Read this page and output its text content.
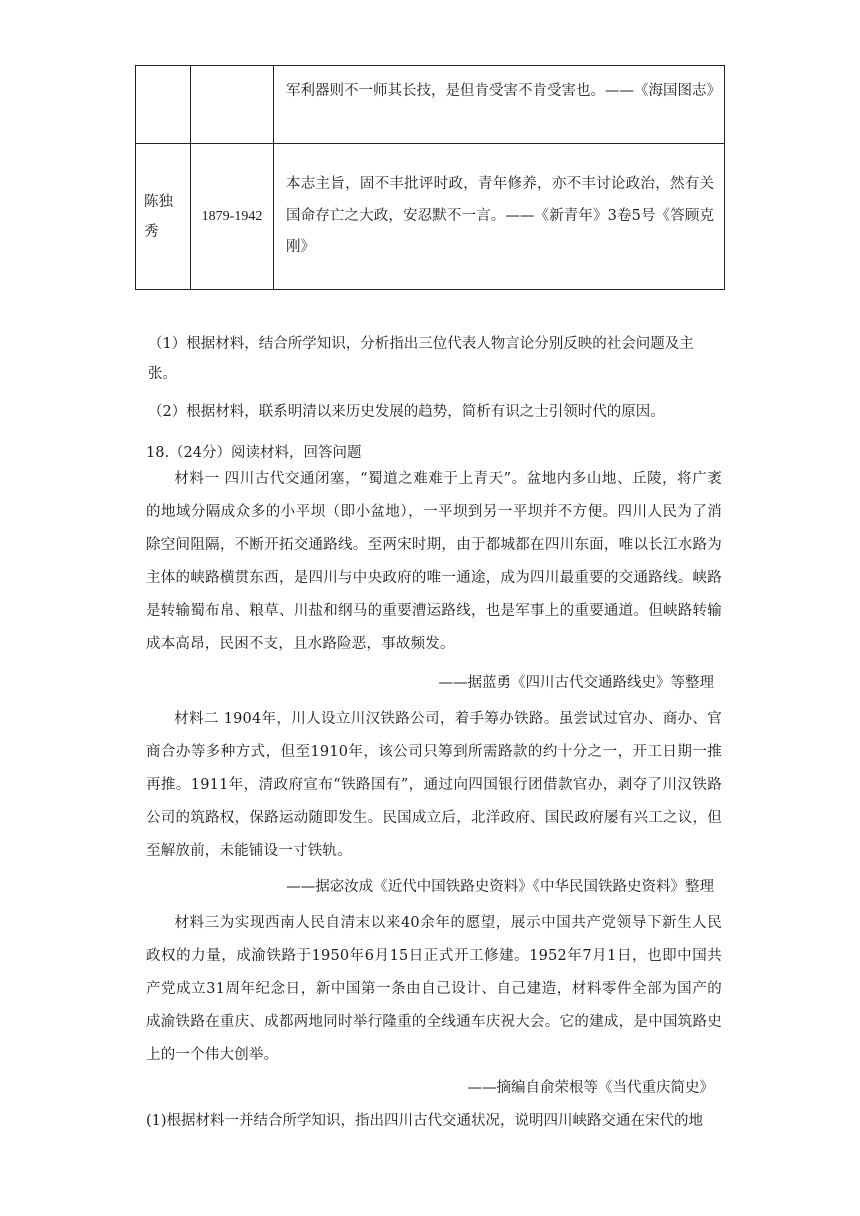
		军利器则不一师其长技，是但肯受害不肯受害也。——《海国图志》

陈独秀	1879-1942	本志主旨，固不丰批评时政，青年修养，亦不丰讨论政治，然有关国命存亡之大政，安忍默不一言。——《新青年》3卷5号《答顾克刚》
（1）根据材料，结合所学知识，分析指出三位代表人物言论分别反映的社会问题及主张。
（2）根据材料，联系明清以来历史发展的趋势，简析有识之士引领时代的原因。
18.（24分）阅读材料，回答问题
材料一 四川古代交通闭塞，“蜀道之难难于上青天”。盆地内多山地、丘陵，将广袤的地域分隔成众多的小平坝（即小盆地），一平坝到另一平坝并不方便。四川人民为了消除空间阻隔，不断开拓交通路线。至两宋时期，由于都城都在四川东面，唯以长江水路为主体的峡路横贯东西，是四川与中央政府的唯一通途，成为四川最重要的交通路线。峡路是转输蜀布帛、粮草、川盐和纲马的重要漕运路线，也是军事上的重要通道。但峡路转输成本高昂，民困不支，且水路险恶，事故频发。
——据蓝勇《四川古代交通路线史》等整理
材料二 1904年，川人设立川汉铁路公司，着手筹办铁路。虽尝试过官办、商办、官商合办等多种方式，但至1910年，该公司只筹到所需路款的约十分之一，开工日期一推再推。1911年，清政府宣布“铁路国有”，通过向四国银行团借款官办，剥夺了川汉铁路公司的筑路权，保路运动随即发生。民国成立后，北洋政府、国民政府屡有兴工之议，但至解放前，未能铺设一寸铁轨。
——据宓汝成《近代中国铁路史资料》《中华民国铁路史资料》整理
材料三为实现西南人民自清末以来40余年的愿望，展示中国共产党领导下新生人民政权的力量，成渝铁路于1950年6月15日正式开工修建。1952年7月1日，也即中国共产党成立31周年纪念日，新中国第一条由自己设计、自己建造，材料零件全部为国产的成渝铁路在重庆、成都两地同时举行隆重的全线通车庆祝大会。它的建成，是中国筑路史上的一个伟大创举。
——摘编自俞荣根等《当代重庆简史》
(1)根据材料一并结合所学知识，指出四川古代交通状况，说明四川峡路交通在宋代的地
